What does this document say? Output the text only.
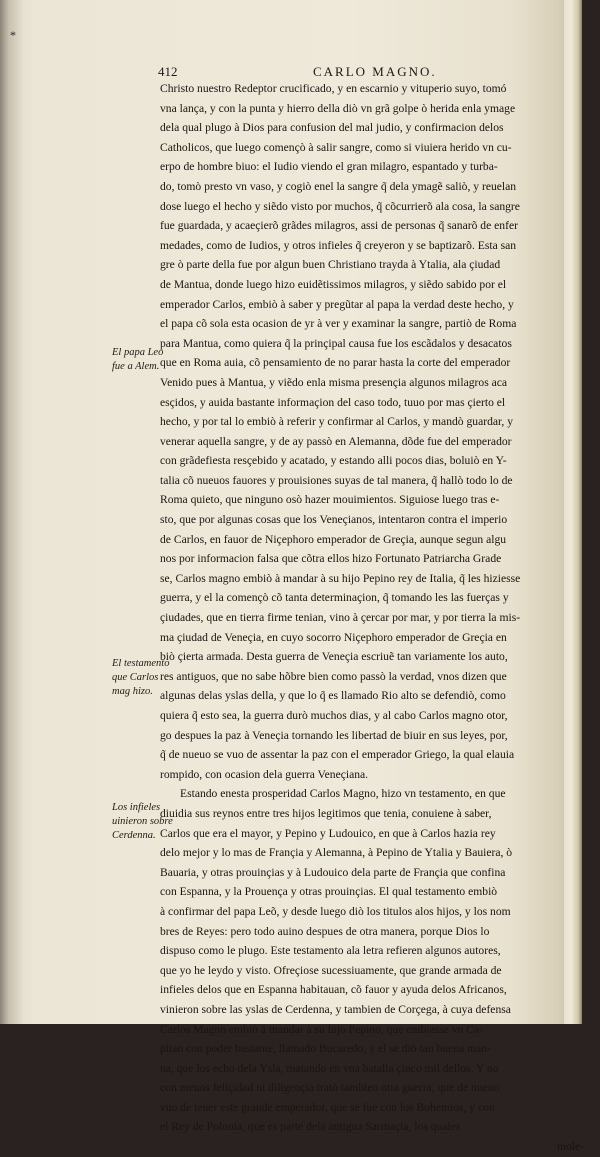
*
412	CARLO MAGNO.
El papa Leo fue a Alem.
El testamento que Carlos mag hizo.
Los infieles uinieron sobre Cerdenna.
Christo nuestro Redeptor crucificado, y en escarnio y vituperio suyo, tomó
vna lança, y con la punta y hierro della diò vn grã golpe ò herida enla ymage
dela qual plugo à Dios para confusion del mal judio, y confirmacion delos
Catholicos, que luego començò à salir sangre, como si viuiera herido vn cu-
erpo de hombre biuo: el Iudio viendo el gran milagro, espantado y turba-
do, tomò presto vn vaso, y cogiò enel la sangre q̃ dela ymagẽ saliò, y reuelan
dose luego el hecho y siẽdo visto por muchos, q̃ cõcurrierõ ala cosa, la sangre
fue guardada, y acaeçierõ grãdes milagros, assi de personas q̃ sanarõ de enfer
medades, como de Iudios, y otros infieles q̃ creyeron y se baptizarõ. Esta san
gre ò parte della fue por algun buen Christiano trayda à Ytalia, ala çiudad
de Mantua, donde luego hizo euidẽtissimos milagros, y siẽdo sabido por el
emperador Carlos, embiò à saber y pregũtar al papa la verdad deste hecho, y
el papa cõ sola esta ocasion de yr à ver y examinar la sangre, partiò de Roma
para Mantua, como quiera q̃ la prinçipal causa fue los escãdalos y desacatos
que en Roma auia, cõ pensamiento de no parar hasta la corte del emperador
Venido pues à Mantua, y viẽdo enla misma presençia algunos milagros aca
esçidos, y auida bastante informaçion del caso todo, tuuo por mas çierto el
hecho, y por tal lo embiò à referir y confirmar al Carlos, y mandò guardar, y
venerar aquella sangre, y de ay passò en Alemanna, dõde fue del emperador
con grãdefiesta resçebido y acatado, y estando alli pocos dias, boluiò en Y-
talia cõ nueuos fauores y prouisiones suyas de tal manera, q̃ hallò todo lo de
Roma quieto, que ninguno osò hazer mouimientos. Siguiose luego tras e-
sto, que por algunas cosas que los Veneçianos, intentaron contra el imperio
de Carlos, en fauor de Niçephoro emperador de Greçia, aunque segun algu
nos por informacion falsa que cõtra ellos hizo Fortunato Patriarcha Grade
se, Carlos magno embiò à mandar à su hijo Pepino rey de Italia, q̃ les hiziesse
guerra, y el la començò cõ tanta determinaçion, q̃ tomando les las fuerças y
çiudades, que en tierra firme tenian, vino à çercar por mar, y por tierra la mis-
ma çiudad de Veneçia, en cuyo socorro Niçephoro emperador de Greçia en
biò çierta armada. Desta guerra de Veneçia escriuẽ tan variamente los auto,
res antiguos, que no sabe hõbre bien como passò la verdad, vnos dizen que
algunas delas yslas della, y que lo q̃ es llamado Rio alto se defendiò, como
quiera q̃ esto sea, la guerra durò muchos dias, y al cabo Carlos magno otor,
go despues la paz à Veneçia tornando les libertad de biuir en sus leyes, por,
q̃ de nueuo se vuo de assentar la paz con el emperador Griego, la qual elauia
rompido, con ocasion dela guerra Veneçiana.
Estando enesta prosperidad Carlos Magno, hizo vn testamento, en que
diuidia sus reynos entre tres hijos legitimos que tenia, conuiene à saber,
Carlos que era el mayor, y Pepino y Ludouico, en que à Carlos hazia rey
delo mejor y lo mas de Françia y Alemanna, à Pepino de Ytalia y Bauiera, ò
Bauaria, y otras prouinçias y à Ludouico dela parte de Françia que confina
con Espanna, y la Prouença y otras prouinçias. El qual testamento embiò
à confirmar del papa Leõ, y desde luego diò los titulos alos hijos, y los nom
bres de Reyes: pero todo auino despues de otra manera, porque Dios lo
dispuso como le plugo. Este testamento ala letra refieren algunos autores,
que yo he leydo y visto. Ofreçiose sucessiuamente, que grande armada de
infieles delos que en Espanna habitauan, cõ fauor y ayuda delos Africanos,
vinieron sobre las yslas de Cerdenna, y tambien de Corçega, à cuya defensa
Carlos Magno embiò à mandar à su hijo Pepino, que embiasse vn Ca-
pitan con poder bastante, llamado Bucaredo, y el se diò tan buena man-
na, que los echo dela Ysla, matando en vna batalla çinco mil dellos. Y no
con menos feliçidad ni diligençia tratò tambien otra guerra, que de nueuo
vuo de tener este grande emperador, que se fue con los Bohemios, y con
el Rey de Polonia, que es parte dela antigua Sarmaçia, los quales
mole-
